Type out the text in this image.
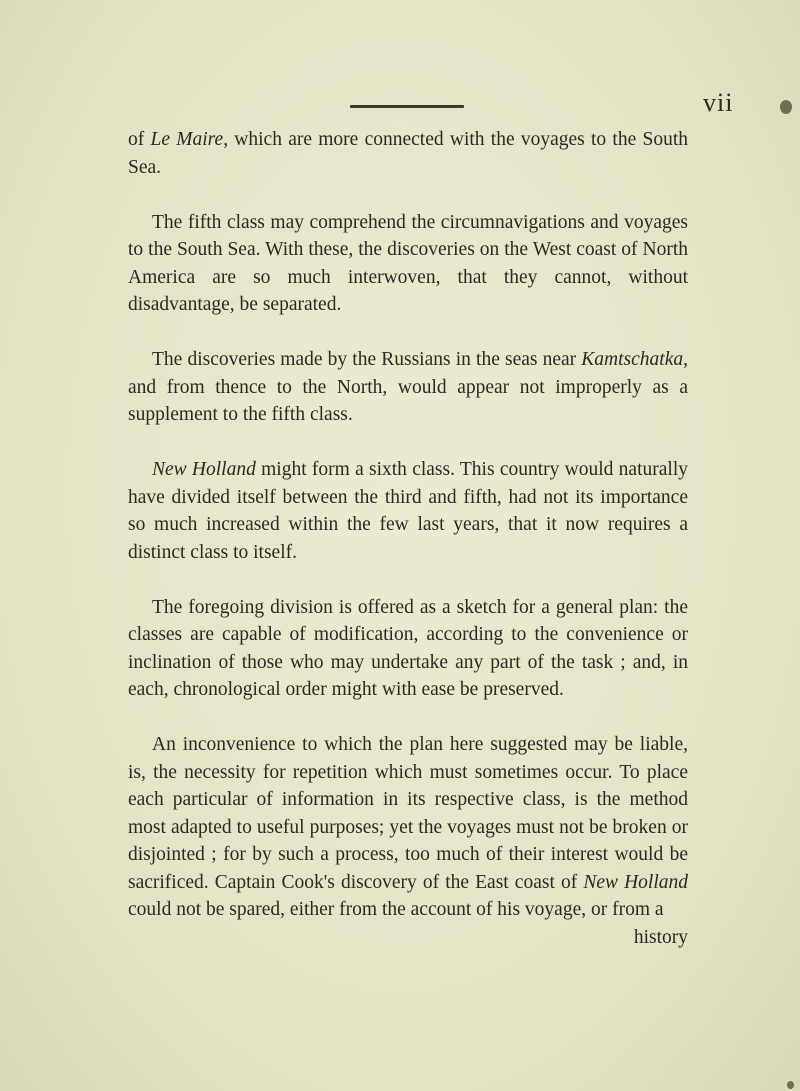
vii

of Le Maire, which are more connected with the voyages to the South Sea.

The fifth class may comprehend the circumnavigations and voyages to the South Sea. With these, the discoveries on the West coast of North America are so much interwoven, that they cannot, without disadvantage, be separated.

The discoveries made by the Russians in the seas near Kamtschatka, and from thence to the North, would appear not improperly as a supplement to the fifth class.

New Holland might form a sixth class. This country would naturally have divided itself between the third and fifth, had not its importance so much increased within the few last years, that it now requires a distinct class to itself.

The foregoing division is offered as a sketch for a general plan: the classes are capable of modification, according to the convenience or inclination of those who may undertake any part of the task ; and, in each, chronological order might with ease be preserved.

An inconvenience to which the plan here suggested may be liable, is, the necessity for repetition which must sometimes occur. To place each particular of information in its respective class, is the method most adapted to useful purposes; yet the voyages must not be broken or disjointed ; for by such a process, too much of their interest would be sacrificed. Captain Cook's discovery of the East coast of New Holland could not be spared, either from the account of his voyage, or from a

history
